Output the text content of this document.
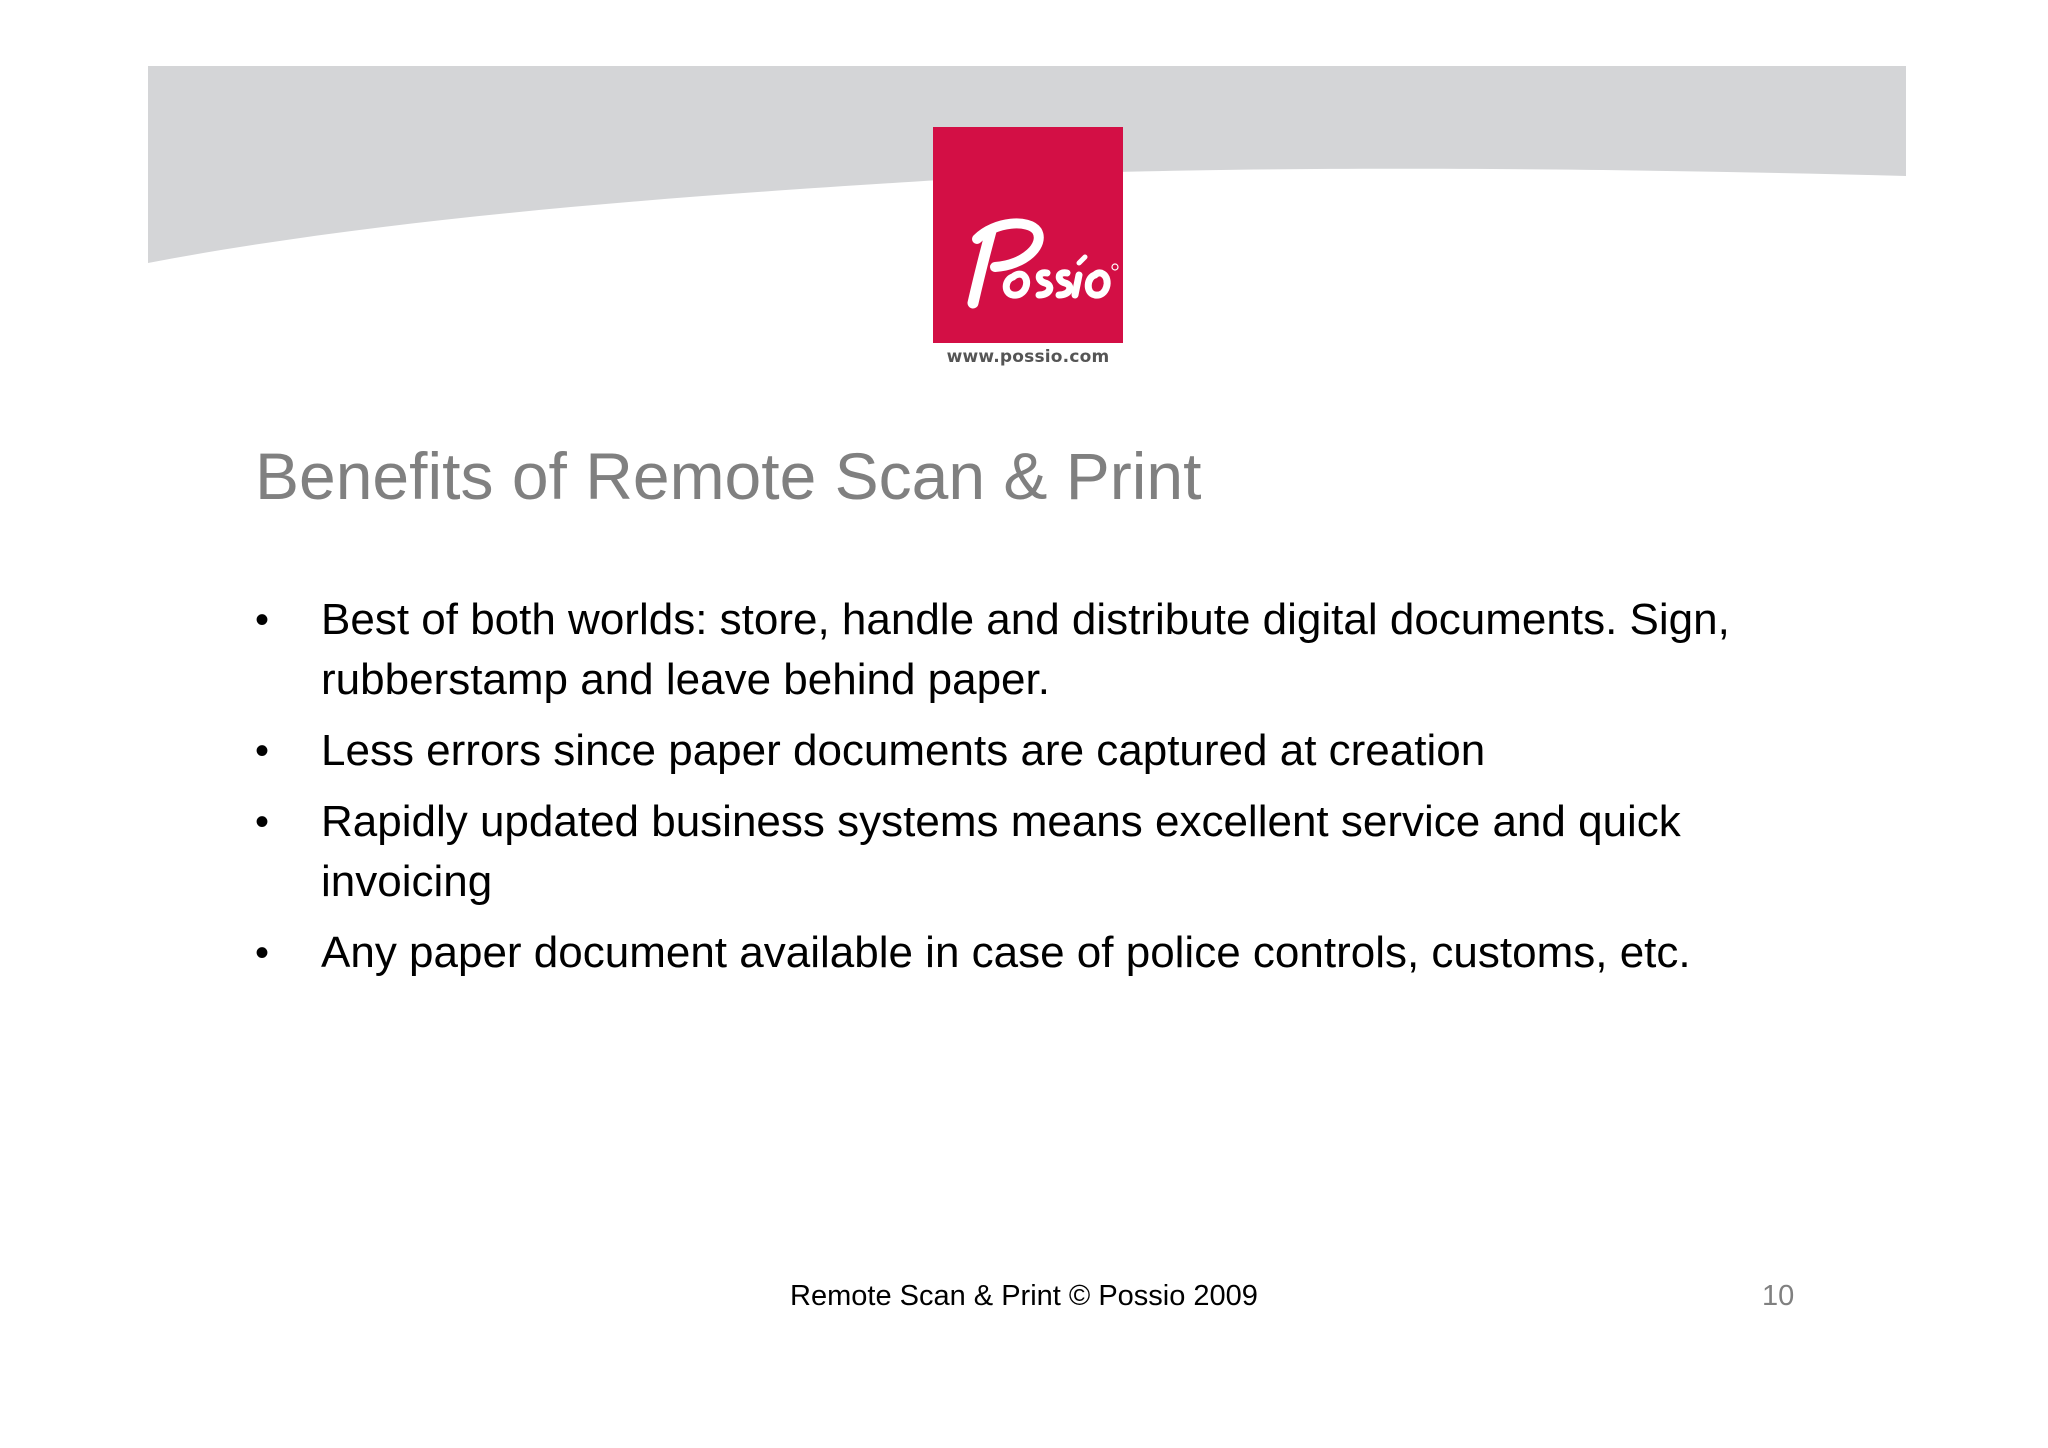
www.possio.com
Benefits of Remote Scan & Print
• Best of both worlds: store, handle and distribute digital documents. Sign, rubberstamp and leave behind paper.
• Less errors since paper documents are captured at creation
• Rapidly updated business systems means excellent service and quick invoicing
• Any paper document available in case of police controls, customs, etc.
Remote Scan & Print © Possio 2009	10
